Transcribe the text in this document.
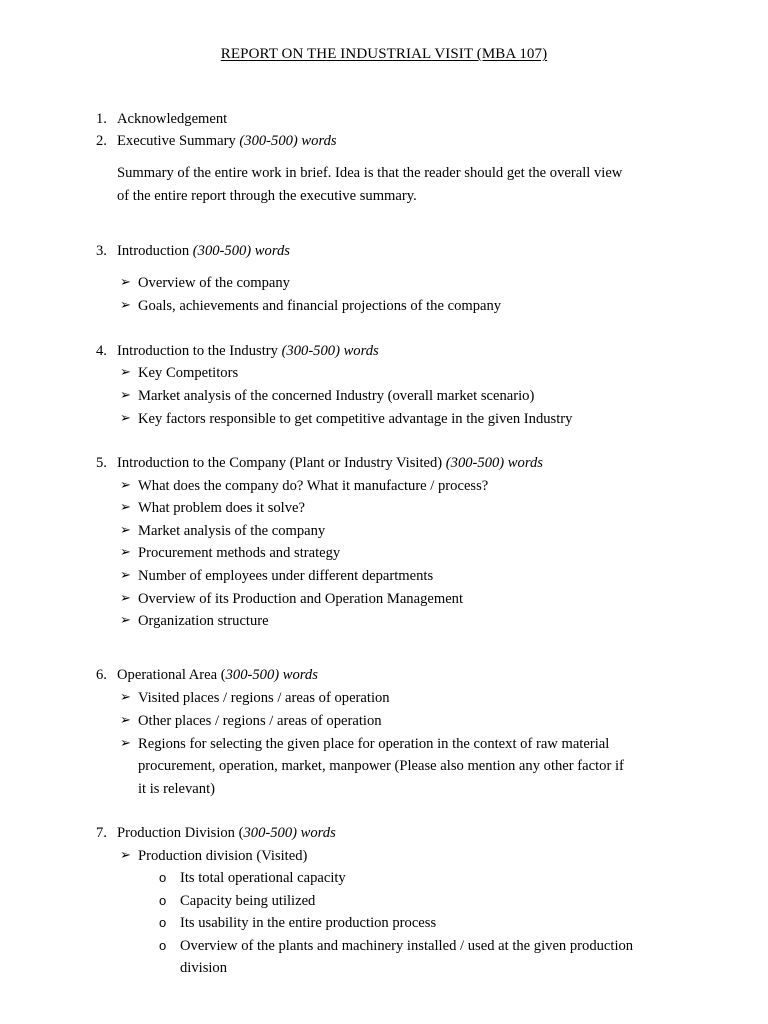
REPORT ON THE INDUSTRIAL VISIT (MBA 107)
1. Acknowledgement
2. Executive Summary (300-500) words
Summary of the entire work in brief. Idea is that the reader should get the overall view
of the entire report through the executive summary.
3. Introduction (300-500) words
➢ Overview of the company
➢ Goals, achievements and financial projections of the company
4. Introduction to the Industry (300-500) words
➢ Key Competitors
➢ Market analysis of the concerned Industry (overall market scenario)
➢ Key factors responsible to get competitive advantage in the given Industry
5. Introduction to the Company (Plant or Industry Visited) (300-500) words
➢ What does the company do? What it manufacture / process?
➢ What problem does it solve?
➢ Market analysis of the company
➢ Procurement methods and strategy
➢ Number of employees under different departments
➢ Overview of its Production and Operation Management
➢ Organization structure
6. Operational Area (300-500) words
➢ Visited places / regions / areas of operation
➢ Other places / regions / areas of operation
➢ Regions for selecting the given place for operation in the context of raw material
procurement, operation, market, manpower (Please also mention any other factor if
it is relevant)
7. Production Division (300-500) words
➢ Production division (Visited)
o Its total operational capacity
o Capacity being utilized
o Its usability in the entire production process
o Overview of the plants and machinery installed / used at the given production
division
